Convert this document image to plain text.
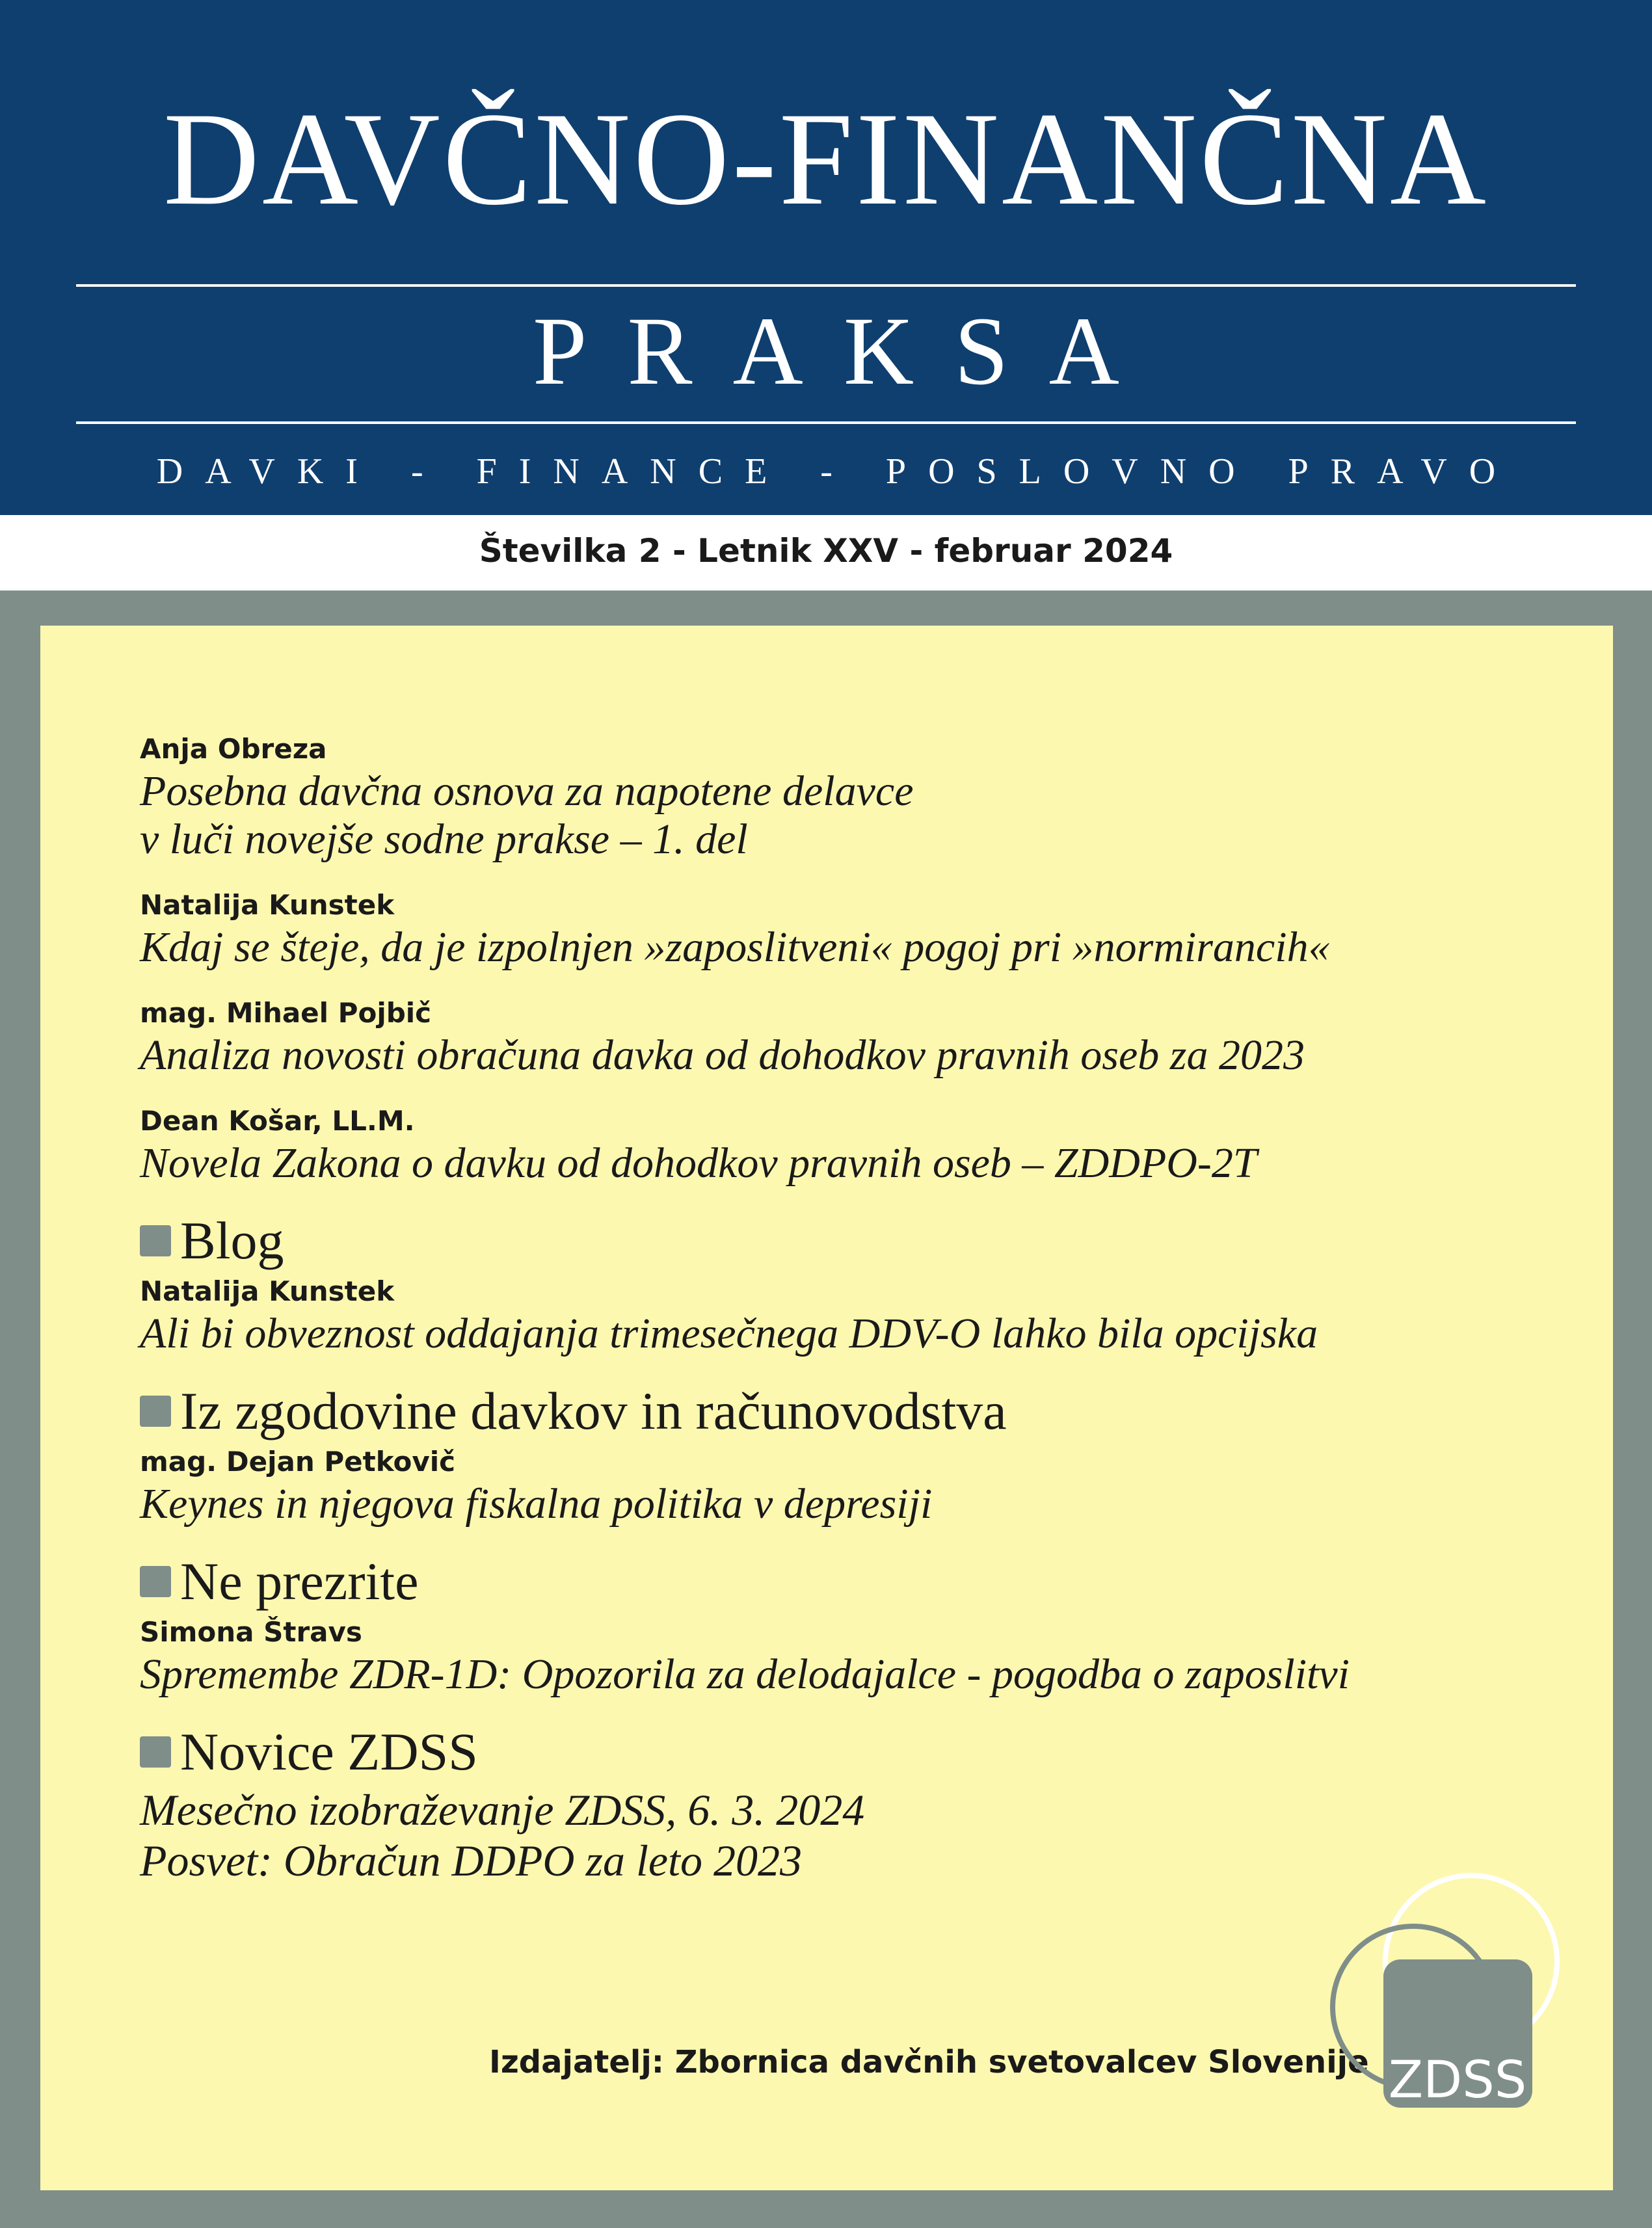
DAVČNO-FINANČNA
PRAKSA
DAVKI - FINANCE - POSLOVNO PRAVO
Številka 2 - Letnik XXV - februar 2024
Anja Obreza
Posebna davčna osnova za napotene delavce
v luči novejše sodne prakse – 1. del
Natalija Kunstek
Kdaj se šteje, da je izpolnjen »zaposlitveni« pogoj pri »normirancih«
mag. Mihael Pojbič
Analiza novosti obračuna davka od dohodkov pravnih oseb za 2023
Dean Košar, LL.M.
Novela Zakona o davku od dohodkov pravnih oseb – ZDDPO-2T
Blog
Natalija Kunstek
Ali bi obveznost oddajanja trimesečnega DDV-O lahko bila opcijska
Iz zgodovine davkov in računovodstva
mag. Dejan Petkovič
Keynes in njegova fiskalna politika v depresiji
Ne prezrite
Simona Štravs
Spremembe ZDR-1D: Opozorila za delodajalce - pogodba o zaposlitvi
Novice ZDSS
Mesečno izobraževanje ZDSS, 6. 3. 2024
Posvet: Obračun DDPO za leto 2023
Izdajatelj: Zbornica davčnih svetovalcev Slovenije ZDSS
